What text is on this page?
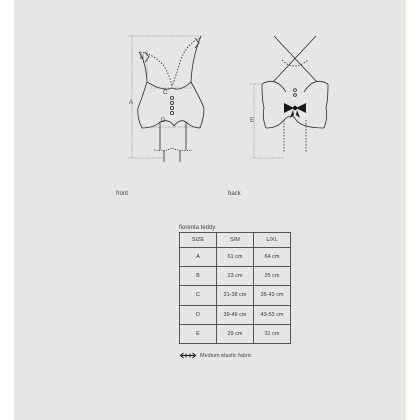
A
B
C
D	E
front	back
fiorenta teddy
SIZE	S/M	L/XL
A	61 cm	64 cm
B	23 cm	25 cm
C	31-38 cm	35-43 cm
D	39-49 cm	43-53 cm
E	29 cm	31 cm
Medium elastic fabric
